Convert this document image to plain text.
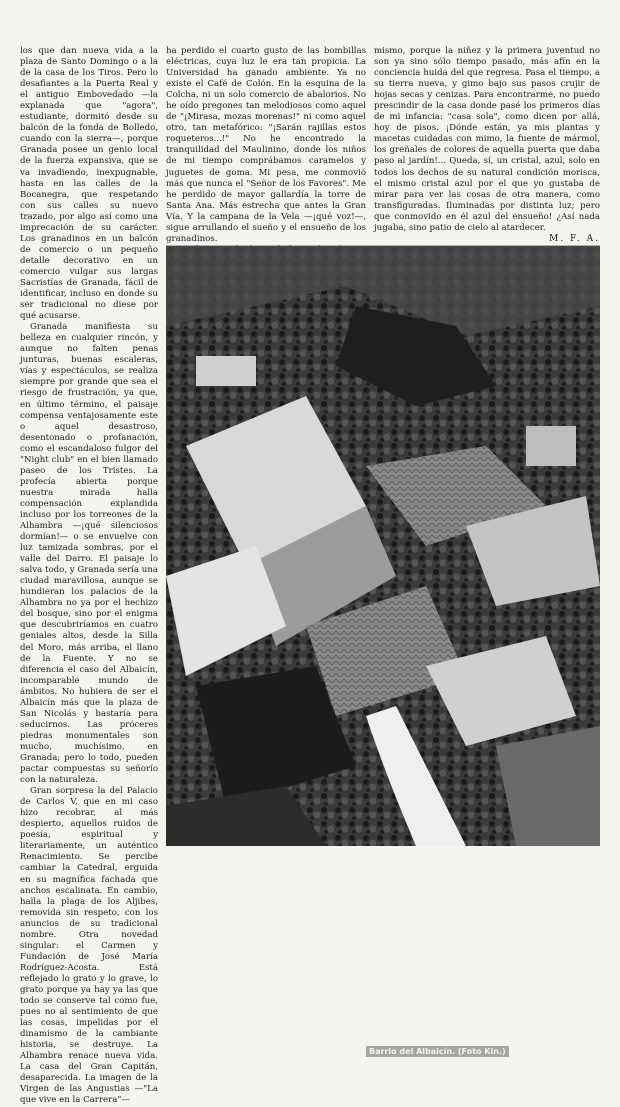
los que dan nueva vida a la plaza de Santo Domingo o a la de la casa de los Tiros. Pero lo desafiantes a la Puerta Real y el antiguo Embovedado —la explanada que "agora", estudiante, dormitó desde su balcón de la fonda de Bolledo, cuando con la sierra—, porque Granada posee un genio local de la fuerza expansiva, que se va invadiendo, inexpugnable, hasta en las calles de la Bocanegra, que respetando con sus calles su nuevo trazado, por algo así como una imprecación de su carácter. Los granadinos en un balcón de comercio o un pequeño detalle decorativo en un comercio vulgar sus largas Sacristías de Granada, fácil de identificar, incluso en donde su ser tradicional no diese por qué acusarse.

Granada manifiesta su belleza en cualquier rincón, y aunque no falten penas junturas, buenas escaleras, vías y espectáculos, se realiza siempre por grande que sea el riesgo de frustración, ya que, en último término, el paisaje compensa ventajosamente este o aquel desastroso, desentonado o profanación, como el escandaloso fulgor del "Night club" en el bien llamado paseo de los Tristes. La profecía abierta porque nuestra mirada halla compensación explandida incluso por los torreones de la Alhambra —¡qué silenciosos dormían!— o se envuelve con luz tamizada sombras, por el valle del Darro. El paisaje lo salva todo, y Granada sería una ciudad maravillosa, aunque se hundieran los palacios de la Alhambra no ya por el hechizo del bosque, sino por el enigma que descubriríamos en cuatro geniales altos, desde la Silla del Moro, más arriba, el llano de la Fuente. Y no se diferencia el caso del Albaicín, incomparable mundo de ámbitos. No hubiera de ser el Albaicín más que la plaza de San Nicolás y bastaría para seducirnos. Las próceres piedras monumentales son mucho, muchísimo, en Granada; pero lo todo, pueden pactar compuestas su señorío con la naturaleza.

Gran sorpresa la del Palacio de Carlos V, que en mi caso hizo recobrar, al más despierto, aquellos ruidos de poesía, espiritual y literariamente, un auténtico Renacimiento. Se percibe cambiar la Catedral, erguida en su magnífica fachada que anchos escalinata. En cambio, halla la plaga de los Aljibes, removida sin respeto, con los anuncios de su tradicional nombre. Otra novedad singular: el Carmen y Fundación de José María Rodríguez-Acosta. Está reflejado lo grato y lo grave, lo grato porque ya hay ya las que todo se conserve tal como fue, pues no al sentimiento de que las cosas, impelidas por el dinamismo de la cambiante historia, se destruye. La Alhambra renace nueva vida. La casa del Gran Capitán, desaparecida. La imagen de la Virgen de las Angustias —"La que vive en la Carrera"—

ha perdido el cuarto gusto de las bombillas eléctricas, cuya luz le era tan propicia. La Universidad ha ganado ambiente. Ya no existe el Café de Colón. En la esquina de la Colcha, ni un solo comercio de abalorios. No he oído pregones tan melodiosos como aquel de "¡Mirasa, mozas morenas!" ni como aquel otro, tan metafórico: "¡Sarán rajillas estos roqueteros...!" No he encontrado la tranquilidad del Maulinino, donde los niños de mi tiempo comprábamos caramelos y juguetes de goma. Mi pesa, me conmovió más que nunca el "Señor de los Favores". Me he perdido de mayor gallardía la torre de Santa Ana. Más estrecha que antes la Gran Vía. Y la campana de la Vela —¡qué voz!—, sigue arrullando el sueño y el ensueño de los granadinos.

mismo, porque la niñez y la primera juventud no son ya sino sólo tiempo pasado, más afín en la conciencia huida del que regresa. Pasa el tiempo, a su tierra nueva, y gimo bajo sus pasos crujir de hojas secas y cenizas. Para encontrarme, no puedo prescindir de la casa donde pasé los primeros días de mi infancia: "casa sola", como dicen por allá, hoy de pisos. ¡Dónde están, ya mis plantas y macetas cuidadas con mimo, la fuente de mármol, los greñales de colores de aquella puerta que daba paso al jardín!... Queda, sí, un cristal, azul, solo en todos los dechos de su natural condición morisca, el mismo cristal azul por el que yo gustaba de mirar para ver las cosas de otra manera, como transfiguradas. Iluminadas por distinta luz; pero que conmovido en él azul del ensueño! ¿Así nada jugaba, sino patio de cielo al atardecer.

M. F. A.
Barrio del Albaicín. (Foto Kin.)
